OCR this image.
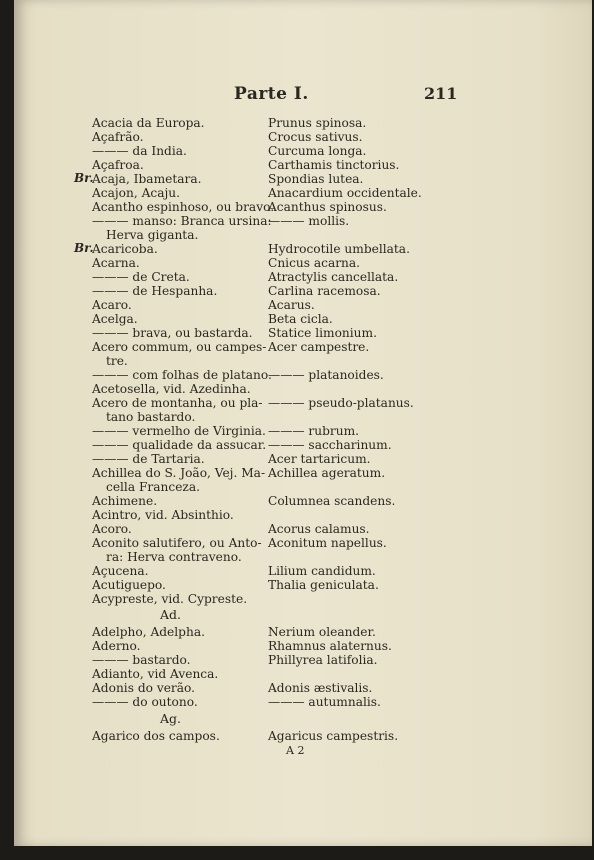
Parte I.	211
Acacia da Europa.
Açafrão.
——— da India.
Açafroa.
Br.
Acaja, Ibametara.
Acajon, Acaju.
Acantho espinhoso, ou bravo.
——— manso: Branca ursina:
Herva giganta.
Br.
Acaricoba.
Acarna.
——— de Creta.
——— de Hespanha.
Acaro.
Acelga.
——— brava, ou bastarda.
Acero commum, ou campes-
tre.
——— com folhas de platano.
Acetosella, vid. Azedinha.
Acero de montanha, ou pla-
tano bastardo.
——— vermelho de Virginia.
——— qualidade da assucar.
——— de Tartaria.
Achillea do S. João, Vej. Ma-
cella Franceza.
Achimene.
Acintro, vid. Absinthio.
Acoro.
Aconito salutifero, ou Anto-
ra: Herva contraveno.
Açucena.
Acutiguepo.
Acypreste, vid. Cypreste.
Ad.
Adelpho, Adelpha.
Aderno.
——— bastardo.
Adianto, vid Avenca.
Adonis do verão.
——— do outono.
Ag.
Agarico dos campos.
Prunus spinosa.
Crocus sativus.
Curcuma longa.
Carthamis tinctorius.
Spondias lutea.
Anacardium occidentale.
Acanthus spinosus.
——— mollis.
Hydrocotile umbellata.
Cnicus acarna.
Atractylis cancellata.
Carlina racemosa.
Acarus.
Beta cicla.
Statice limonium.
Acer campestre.
——— platanoides.
——— pseudo-platanus.
——— rubrum.
——— saccharinum.
Acer tartaricum.
Achillea ageratum.
Columnea scandens.
Acorus calamus.
Aconitum napellus.
Lilium candidum.
Thalia geniculata.
Nerium oleander.
Rhamnus alaternus.
Phillyrea latifolia.
Adonis æstivalis.
——— autumnalis.
Agaricus campestris.
A 2
